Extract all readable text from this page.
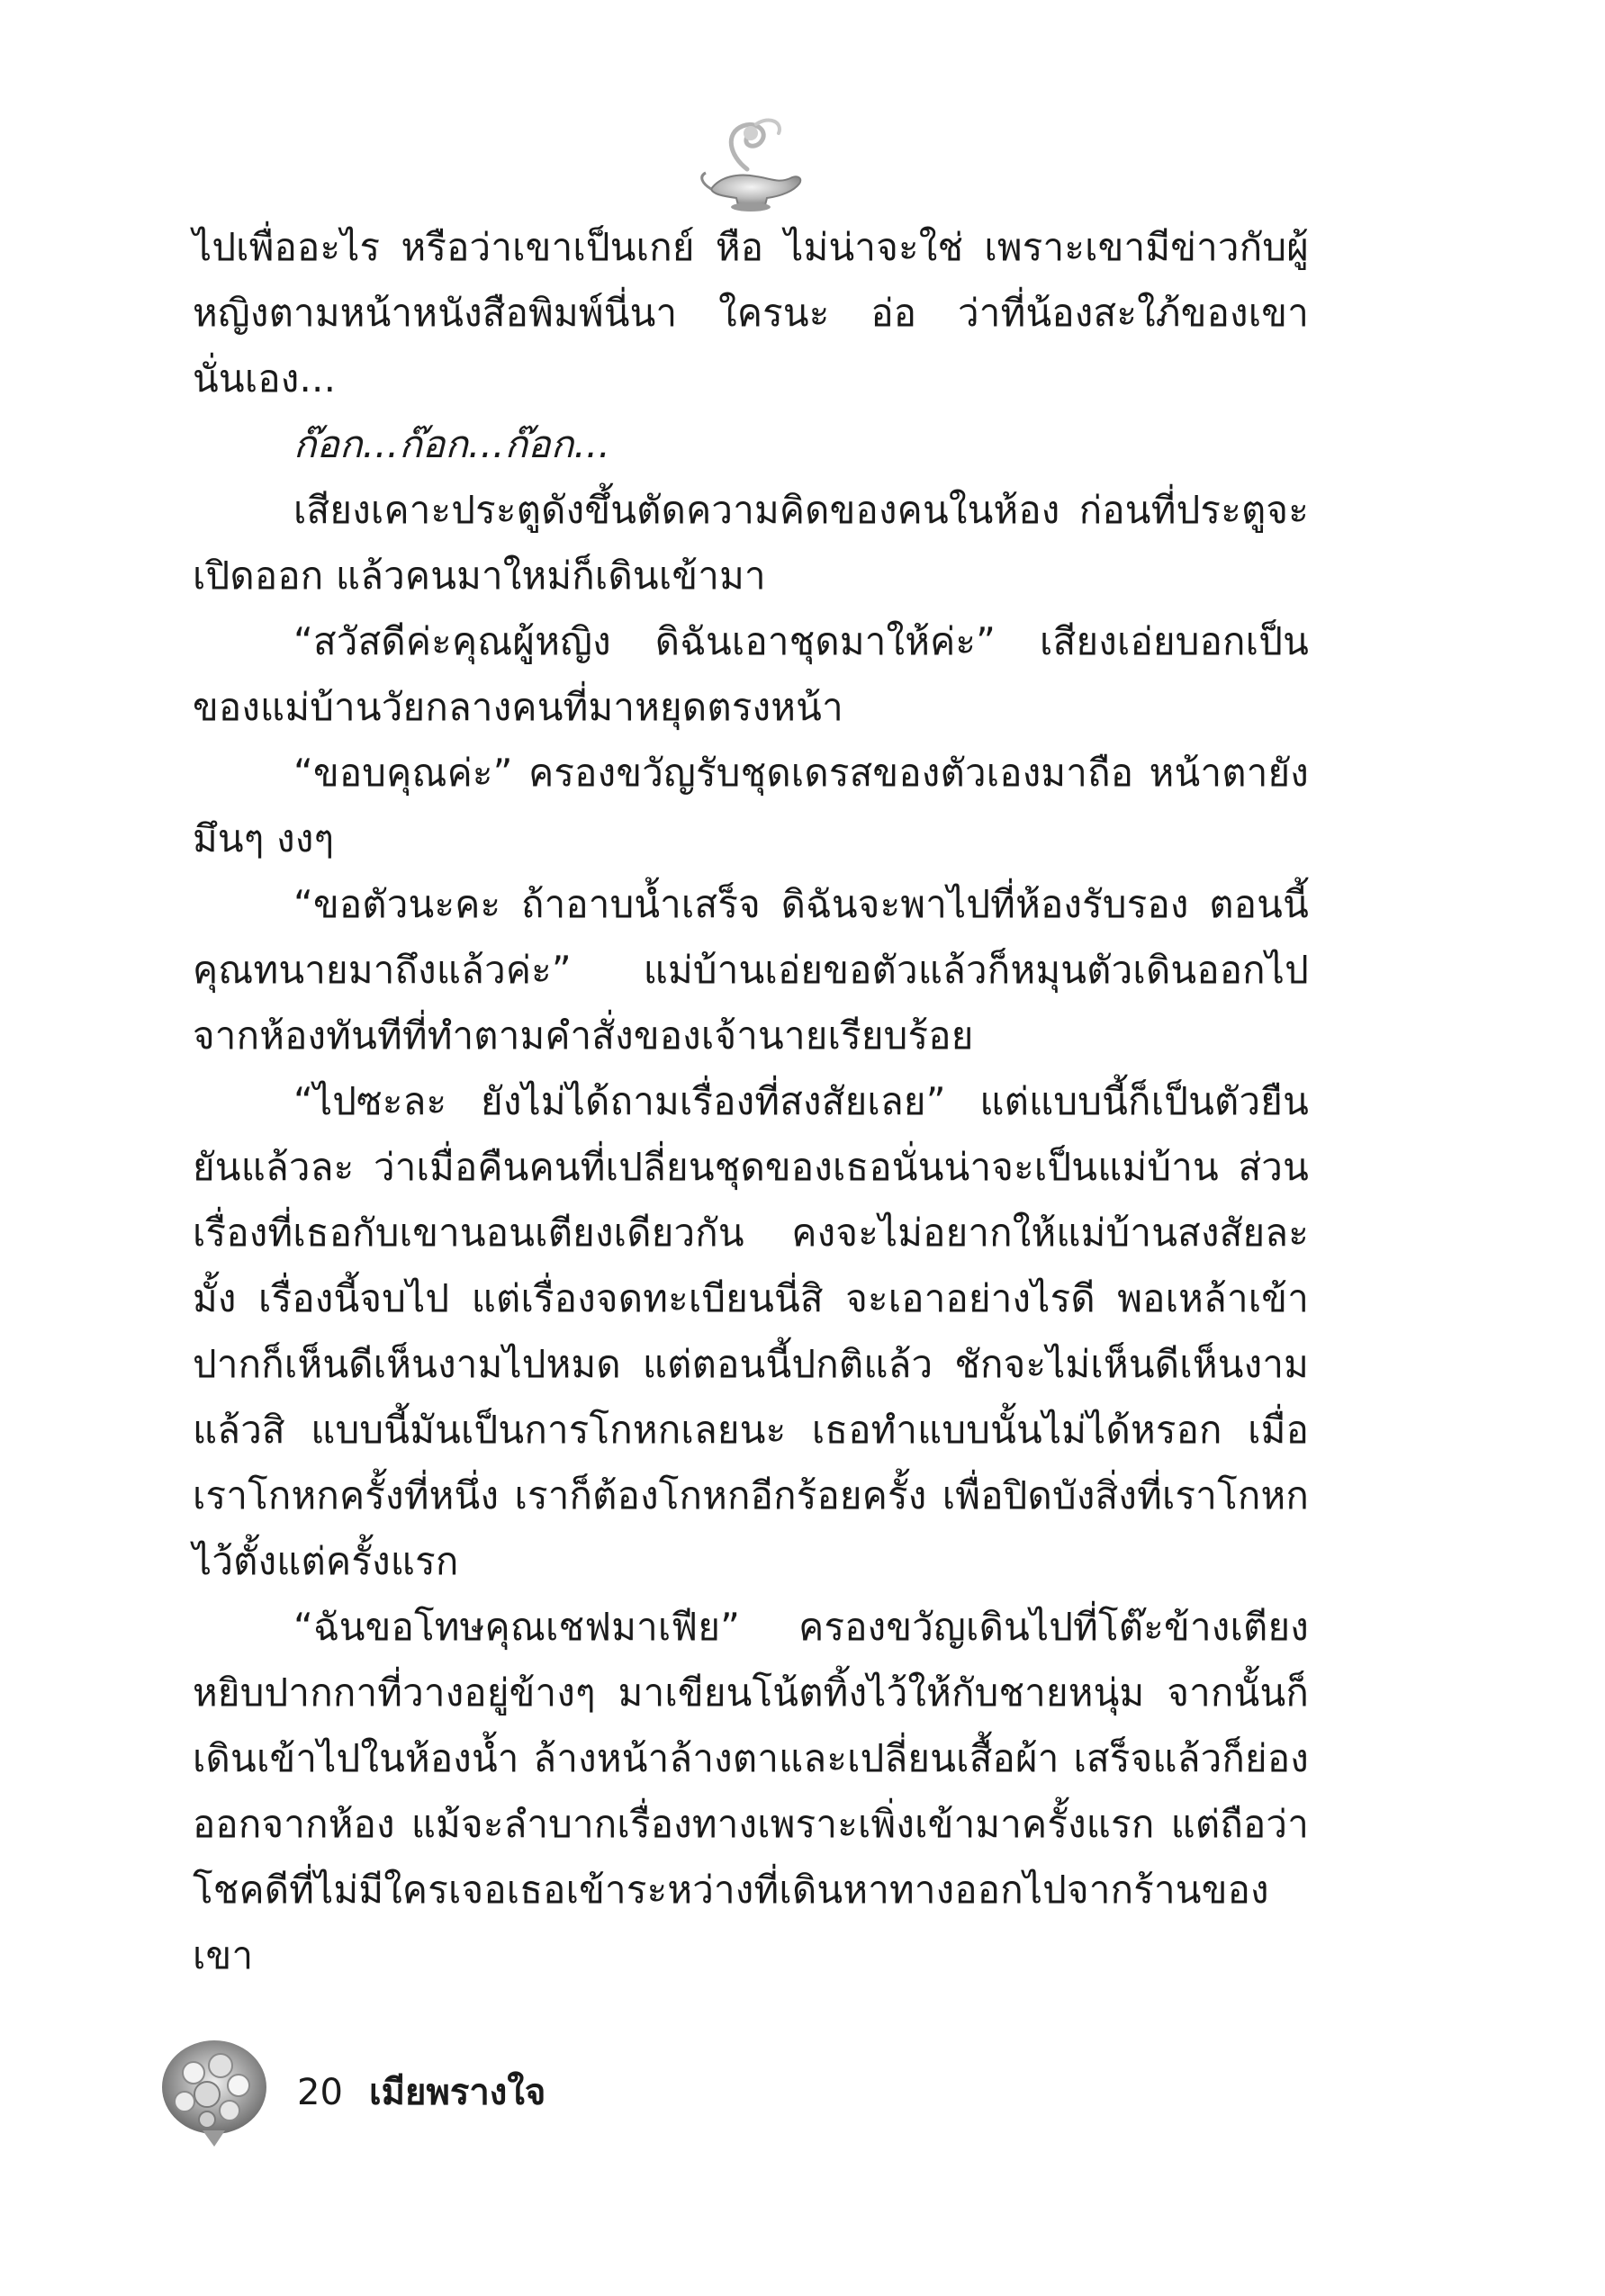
ไปเพื่ออะไร หรือว่าเขาเป็นเกย์ หือ ไม่น่าจะใช่ เพราะเขามีข่าวกับผู้หญิงตามหน้าหนังสือพิมพ์นี่นา ใครนะ อ่อ ว่าที่น้องสะใภ้ของเขานั่นเอง...

ก๊อก...ก๊อก...ก๊อก...

เสียงเคาะประตูดังขึ้นตัดความคิดของคนในห้อง ก่อนที่ประตูจะเปิดออก แล้วคนมาใหม่ก็เดินเข้ามา

“สวัสดีค่ะคุณผู้หญิง ดิฉันเอาชุดมาให้ค่ะ” เสียงเอ่ยบอกเป็นของแม่บ้านวัยกลางคนที่มาหยุดตรงหน้า

“ขอบคุณค่ะ” ครองขวัญรับชุดเดรสของตัวเองมาถือ หน้าตายังมึนๆ งงๆ

“ขอตัวนะคะ ถ้าอาบน้ำเสร็จ ดิฉันจะพาไปที่ห้องรับรอง ตอนนี้คุณทนายมาถึงแล้วค่ะ” แม่บ้านเอ่ยขอตัวแล้วก็หมุนตัวเดินออกไปจากห้องทันทีที่ทำตามคำสั่งของเจ้านายเรียบร้อย

“ไปซะละ ยังไม่ได้ถามเรื่องที่สงสัยเลย” แต่แบบนี้ก็เป็นตัวยืนยันแล้วละ ว่าเมื่อคืนคนที่เปลี่ยนชุดของเธอนั่นน่าจะเป็นแม่บ้าน ส่วนเรื่องที่เธอกับเขานอนเตียงเดียวกัน คงจะไม่อยากให้แม่บ้านสงสัยละมั้ง เรื่องนี้จบไป แต่เรื่องจดทะเบียนนี่สิ จะเอาอย่างไรดี พอเหล้าเข้าปากก็เห็นดีเห็นงามไปหมด แต่ตอนนี้ปกติแล้ว ชักจะไม่เห็นดีเห็นงามแล้วสิ แบบนี้มันเป็นการโกหกเลยนะ เธอทำแบบนั้นไม่ได้หรอก เมื่อเราโกหกครั้งที่หนึ่ง เราก็ต้องโกหกอีกร้อยครั้ง เพื่อปิดบังสิ่งที่เราโกหกไว้ตั้งแต่ครั้งแรก

“ฉันขอโทษคุณเชฟมาเฟีย” ครองขวัญเดินไปที่โต๊ะข้างเตียง หยิบปากกาที่วางอยู่ข้างๆ มาเขียนโน้ตทิ้งไว้ให้กับชายหนุ่ม จากนั้นก็เดินเข้าไปในห้องน้ำ ล้างหน้าล้างตาและเปลี่ยนเสื้อผ้า เสร็จแล้วก็ย่องออกจากห้อง แม้จะลำบากเรื่องทางเพราะเพิ่งเข้ามาครั้งแรก แต่ถือว่าโชคดีที่ไม่มีใครเจอเธอเข้าระหว่างที่เดินหาทางออกไปจากร้านของเขา

20 เมียพรางใจ
